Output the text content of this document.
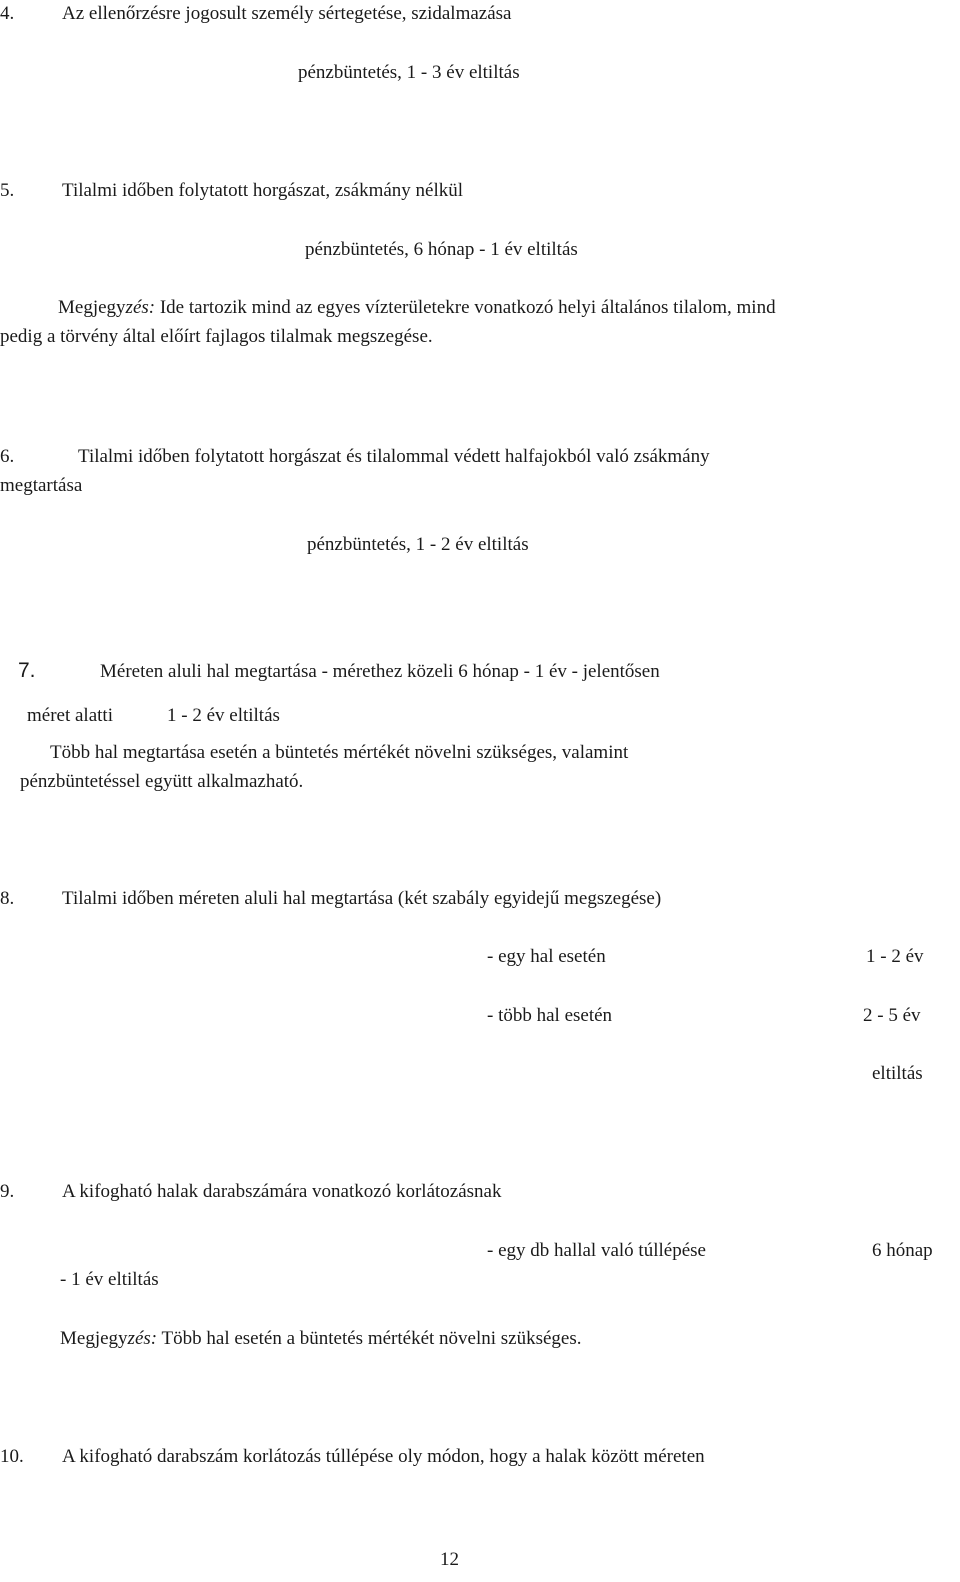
4.	Az ellenőrzésre jogosult személy sértegetése, szidalmazása
pénzbüntetés, 1 - 3 év eltiltás
5.	Tilalmi időben folytatott horgászat, zsákmány nélkül
pénzbüntetés, 6 hónap - 1 év eltiltás
Megjegyzés: Ide tartozik mind az egyes vízterületekre vonatkozó helyi általános tilalom, mind
pedig a törvény által előírt fajlagos tilalmak megszegése.
6.	Tilalmi időben folytatott horgászat és tilalommal védett halfajokból való zsákmány
megtartása
pénzbüntetés, 1 - 2 év eltiltás
7.	Méreten aluli hal megtartása - mérethez közeli 6 hónap - 1 év - jelentősen
méret alatti	1 - 2 év eltiltás
Több hal megtartása esetén a büntetés mértékét növelni szükséges, valamint
pénzbüntetéssel együtt alkalmazható.
8.	Tilalmi időben méreten aluli hal megtartása (két szabály egyidejű megszegése)
- egy hal esetén	1 - 2 év
- több hal esetén	2 - 5 év
eltiltás
9.	A kifogható halak darabszámára vonatkozó korlátozásnak
- egy db hallal való túllépése	6 hónap
- 1 év eltiltás
Megjegyzés: Több hal esetén a büntetés mértékét növelni szükséges.
10. A kifogható darabszám korlátozás túllépése oly módon, hogy a halak között méreten
12
